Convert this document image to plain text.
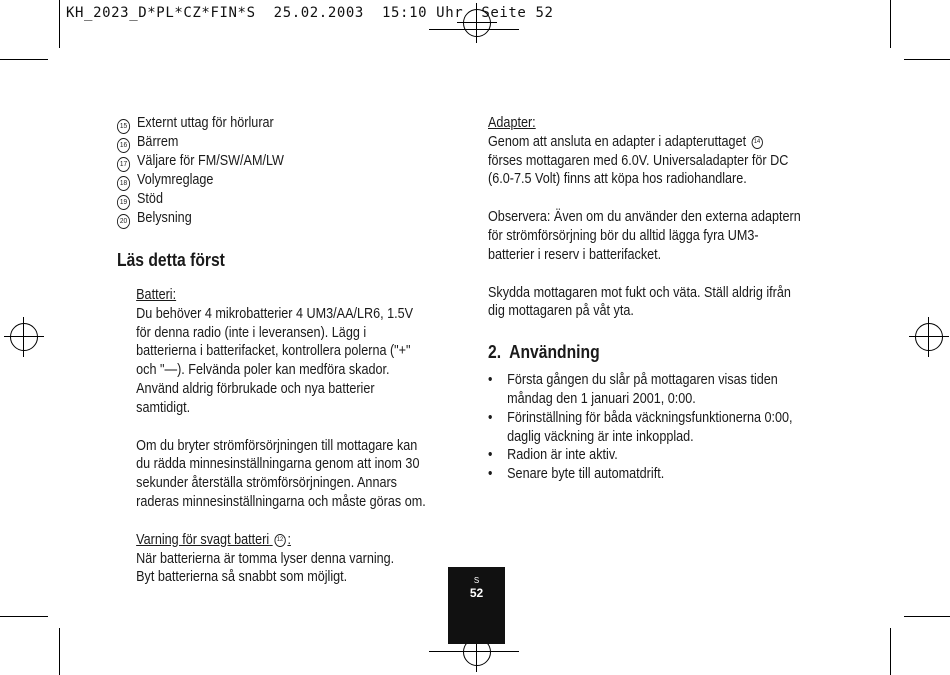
KH_2023_D*PL*CZ*FIN*S  25.02.2003  15:10 Uhr  Seite 52
15 Externt uttag för hörlurar
16 Bärrem
17 Väljare för FM/SW/AM/LW
18 Volymreglage
19 Stöd
20 Belysning
Läs detta först
Batteri:
Du behöver 4 mikrobatterier 4 UM3/AA/LR6, 1.5V för denna radio (inte i leveransen). Lägg i batterierna i batterifacket, kontrollera polerna ("+" och "—). Felvända poler kan medföra skador. Använd aldrig förbrukade och nya batterier samtidigt.
Om du bryter strömförsörjningen till mottagare kan du rädda minnesinställningarna genom att inom 30 sekunder återställa strömförsörjningen. Annars raderas minnesinställningarna och måste göras om.
Varning för svagt batteri 12 :
När batterierna är tomma lyser denna varning.
Byt batterierna så snabbt som möjligt.
Adapter:
Genom att ansluta en adapter i adapteruttaget 14
förses mottagaren med 6.0V. Universaladapter för DC (6.0-7.5 Volt) finns att köpa hos radiohandlare.
Observera: Även om du använder den externa adaptern för strömförsörjning bör du alltid lägga fyra UM3-batterier i reserv i batterifacket.
Skydda mottagaren mot fukt och väta. Ställ aldrig ifrån dig mottagaren på våt yta.
2.  Användning
• Första gången du slår på mottagaren visas tiden måndag den 1 januari 2001, 0:00.
• Förinställning för båda väckningsfunktionerna 0:00, daglig väckning är inte inkopplad.
• Radion är inte aktiv.
• Senare byte till automatdrift.
S
52
